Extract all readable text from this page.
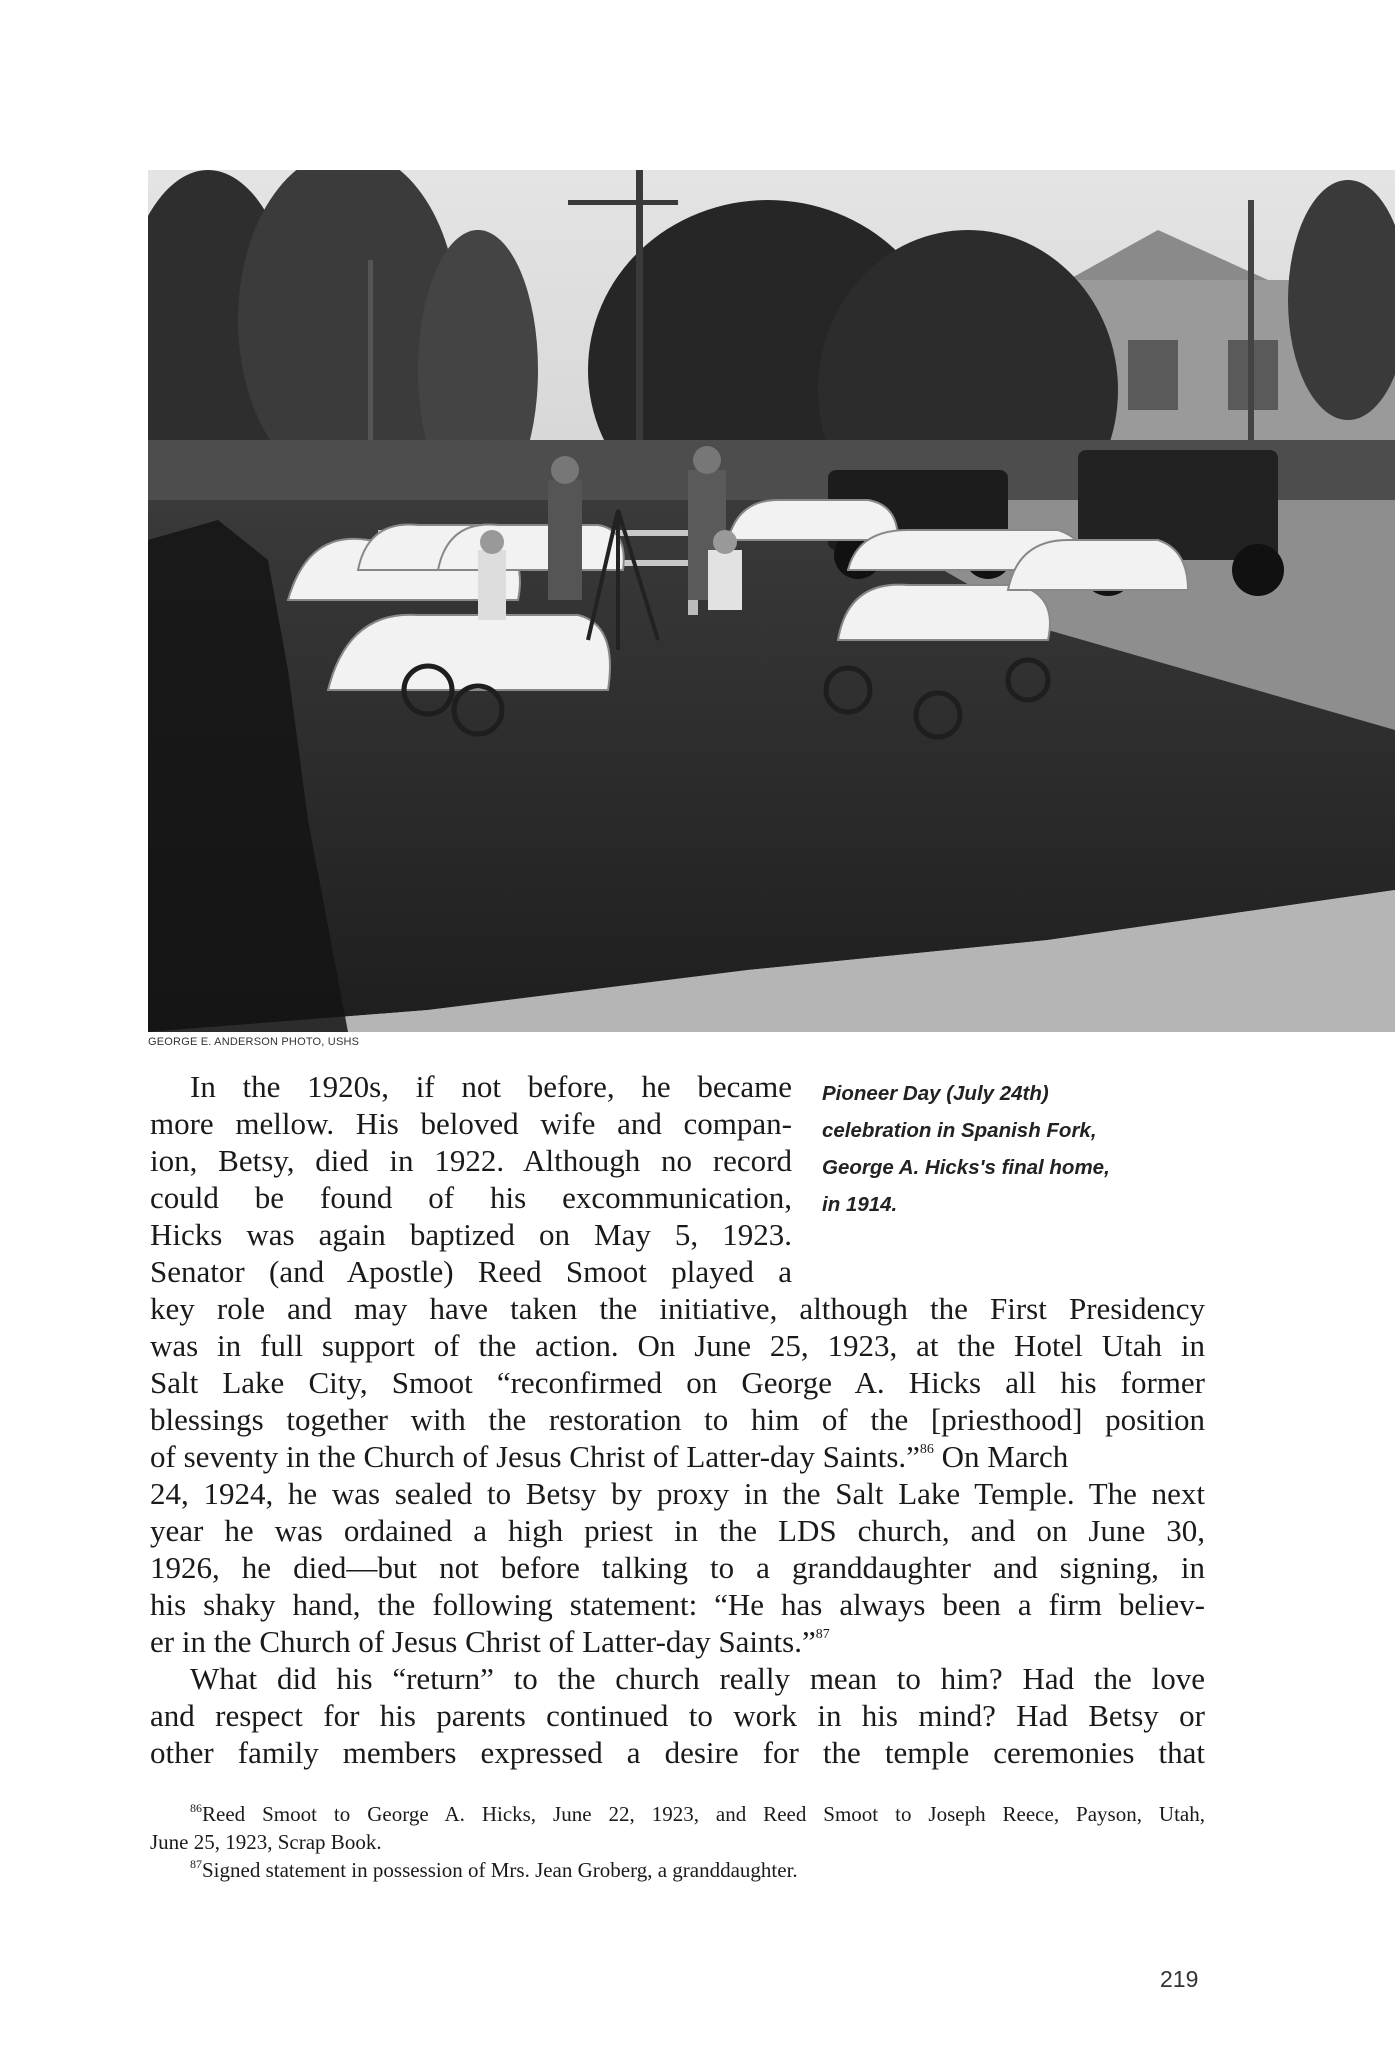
GEORGE E. ANDERSON PHOTO, USHS
Pioneer Day (July 24th)
celebration in Spanish Fork,
George A. Hicks's final home,
in 1914.
In the 1920s, if not before, he became
more mellow. His beloved wife and compan-
ion, Betsy, died in 1922. Although no record
could be found of his excommunication,
Hicks was again baptized on May 5, 1923.
Senator (and Apostle) Reed Smoot played a
key role and may have taken the initiative, although the First Presidency
was in full support of the action. On June 25, 1923, at the Hotel Utah in
Salt Lake City, Smoot “reconfirmed on George A. Hicks all his former
blessings together with the restoration to him of the [priesthood] position
of seventy in the Church of Jesus Christ of Latter-day Saints.”$^{86}$ On March
24, 1924, he was sealed to Betsy by proxy in the Salt Lake Temple. The next
year he was ordained a high priest in the LDS church, and on June 30,
1926, he died—but not before talking to a granddaughter and signing, in
his shaky hand, the following statement: “He has always been a firm believ-
er in the Church of Jesus Christ of Latter-day Saints.”$^{87}$
What did his “return” to the church really mean to him? Had the love
and respect for his parents continued to work in his mind? Had Betsy or
other family members expressed a desire for the temple ceremonies that
$^{86}$Reed Smoot to George A. Hicks, June 22, 1923, and Reed Smoot to Joseph Reece, Payson, Utah,
June 25, 1923, Scrap Book.
$^{87}$Signed statement in possession of Mrs. Jean Groberg, a granddaughter.
219
